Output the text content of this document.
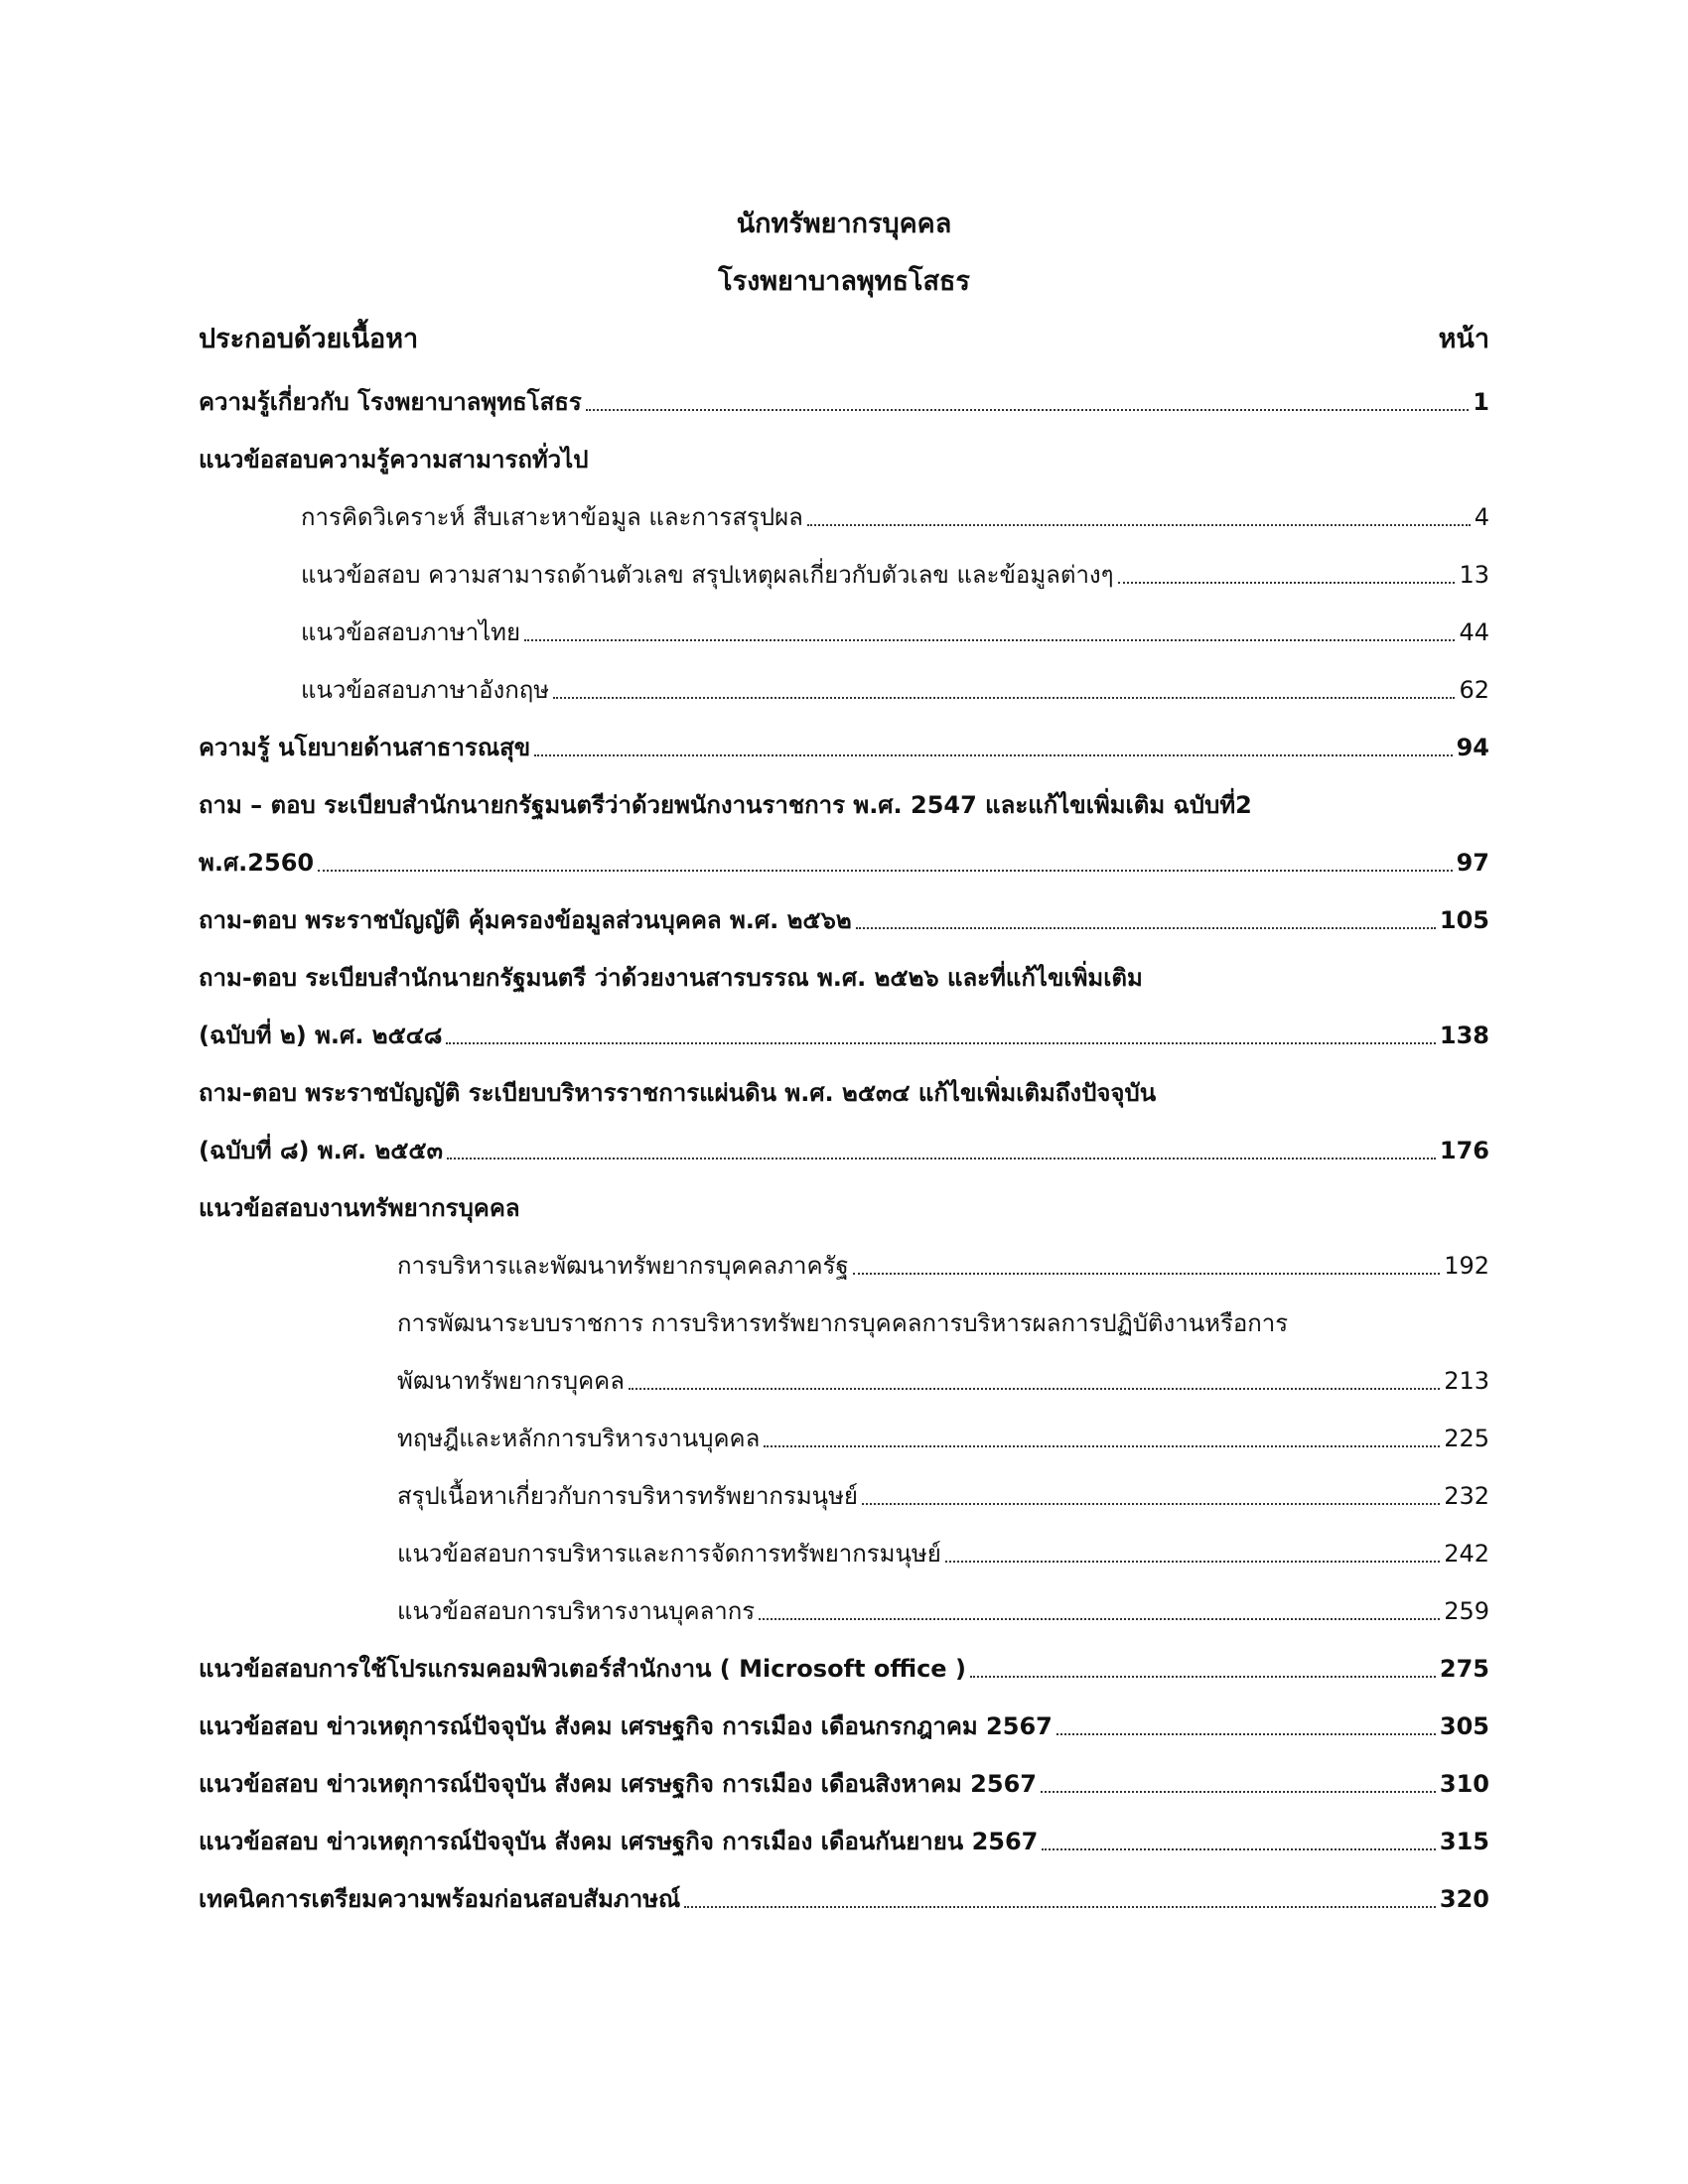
นักทรัพยากรบุคคล
โรงพยาบาลพุทธโสธร
ประกอบด้วยเนื้อหา	หน้า
ความรู้เกี่ยวกับ โรงพยาบาลพุทธโสธร	1
แนวข้อสอบความรู้ความสามารถทั่วไป
การคิดวิเคราะห์ สืบเสาะหาข้อมูล และการสรุปผล	4
แนวข้อสอบ ความสามารถด้านตัวเลข สรุปเหตุผลเกี่ยวกับตัวเลข และข้อมูลต่างๆ	13
แนวข้อสอบภาษาไทย	44
แนวข้อสอบภาษาอังกฤษ	62
ความรู้ นโยบายด้านสาธารณสุข	94
ถาม – ตอบ ระเบียบสำนักนายกรัฐมนตรีว่าด้วยพนักงานราชการ พ.ศ. 2547 และแก้ไขเพิ่มเติม ฉบับที่2
พ.ศ.2560	97
ถาม-ตอบ พระราชบัญญัติ คุ้มครองข้อมูลส่วนบุคคล พ.ศ. ๒๕๖๒	105
ถาม-ตอบ ระเบียบสำนักนายกรัฐมนตรี ว่าด้วยงานสารบรรณ พ.ศ. ๒๕๒๖ และที่แก้ไขเพิ่มเติม
(ฉบับที่ ๒) พ.ศ. ๒๕๔๘	138
ถาม-ตอบ พระราชบัญญัติ ระเบียบบริหารราชการแผ่นดิน พ.ศ. ๒๕๓๔ แก้ไขเพิ่มเติมถึงปัจจุบัน
(ฉบับที่ ๘) พ.ศ. ๒๕๕๓	176
แนวข้อสอบงานทรัพยากรบุคคล
การบริหารและพัฒนาทรัพยากรบุคคลภาครัฐ	192
การพัฒนาระบบราชการ การบริหารทรัพยากรบุคคลการบริหารผลการปฏิบัติงานหรือการ
พัฒนาทรัพยากรบุคคล	213
ทฤษฎีและหลักการบริหารงานบุคคล	225
สรุปเนื้อหาเกี่ยวกับการบริหารทรัพยากรมนุษย์	232
แนวข้อสอบการบริหารและการจัดการทรัพยากรมนุษย์	242
แนวข้อสอบการบริหารงานบุคลากร	259
แนวข้อสอบการใช้โปรแกรมคอมพิวเตอร์สำนักงาน ( Microsoft office )	275
แนวข้อสอบ ข่าวเหตุการณ์ปัจจุบัน สังคม เศรษฐกิจ การเมือง เดือนกรกฎาคม 2567	305
แนวข้อสอบ ข่าวเหตุการณ์ปัจจุบัน สังคม เศรษฐกิจ การเมือง เดือนสิงหาคม 2567	310
แนวข้อสอบ ข่าวเหตุการณ์ปัจจุบัน สังคม เศรษฐกิจ การเมือง เดือนกันยายน 2567	315
เทคนิคการเตรียมความพร้อมก่อนสอบสัมภาษณ์	320
